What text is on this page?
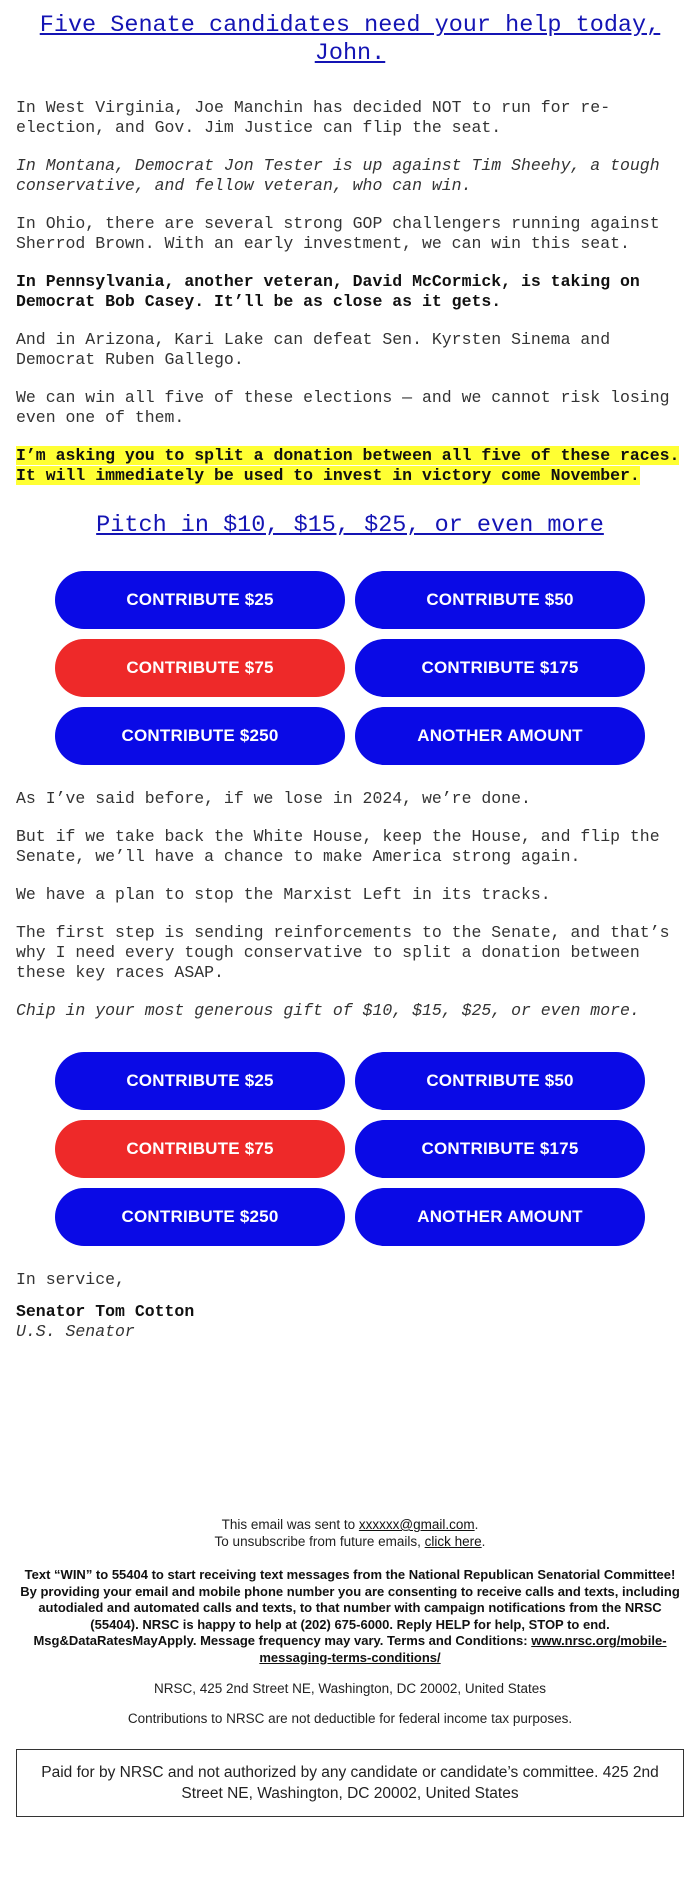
Five Senate candidates need your help today, John.

In West Virginia, Joe Manchin has decided NOT to run for re-election, and Gov. Jim Justice can flip the seat.

In Montana, Democrat Jon Tester is up against Tim Sheehy, a tough conservative, and fellow veteran, who can win.

In Ohio, there are several strong GOP challengers running against Sherrod Brown. With an early investment, we can win this seat.

In Pennsylvania, another veteran, David McCormick, is taking on Democrat Bob Casey. It’ll be as close as it gets.

And in Arizona, Kari Lake can defeat Sen. Kyrsten Sinema and Democrat Ruben Gallego.

We can win all five of these elections — and we cannot risk losing even one of them.

I’m asking you to split a donation between all five of these races. It will immediately be used to invest in victory come November.

Pitch in $10, $15, $25, or even more
CONTRIBUTE $25	CONTRIBUTE $50
CONTRIBUTE $75	CONTRIBUTE $175
CONTRIBUTE $250	ANOTHER AMOUNT

As I’ve said before, if we lose in 2024, we’re done.

But if we take back the White House, keep the House, and flip the Senate, we’ll have a chance to make America strong again.

We have a plan to stop the Marxist Left in its tracks.

The first step is sending reinforcements to the Senate, and that’s why I need every tough conservative to split a donation between these key races ASAP.

Chip in your most generous gift of $10, $15, $25, or even more.

CONTRIBUTE $25	CONTRIBUTE $50
CONTRIBUTE $75	CONTRIBUTE $175
CONTRIBUTE $250	ANOTHER AMOUNT

In service,

Senator Tom Cotton
U.S. Senator
This email was sent to xxxxxx@gmail.com.
To unsubscribe from future emails, click here.
Text “WIN” to 55404 to start receiving text messages from the National Republican Senatorial Committee! By providing your email and mobile phone number you are consenting to receive calls and texts, including autodialed and automated calls and texts, to that number with campaign notifications from the NRSC (55404). NRSC is happy to help at (202) 675-6000. Reply HELP for help, STOP to end. Msg&DataRatesMayApply. Message frequency may vary. Terms and Conditions: www.nrsc.org/mobile-messaging-terms-conditions/
NRSC, 425 2nd Street NE, Washington, DC 20002, United States
Contributions to NRSC are not deductible for federal income tax purposes.
Paid for by NRSC and not authorized by any candidate or candidate’s committee. 425 2nd Street NE, Washington, DC 20002, United States
